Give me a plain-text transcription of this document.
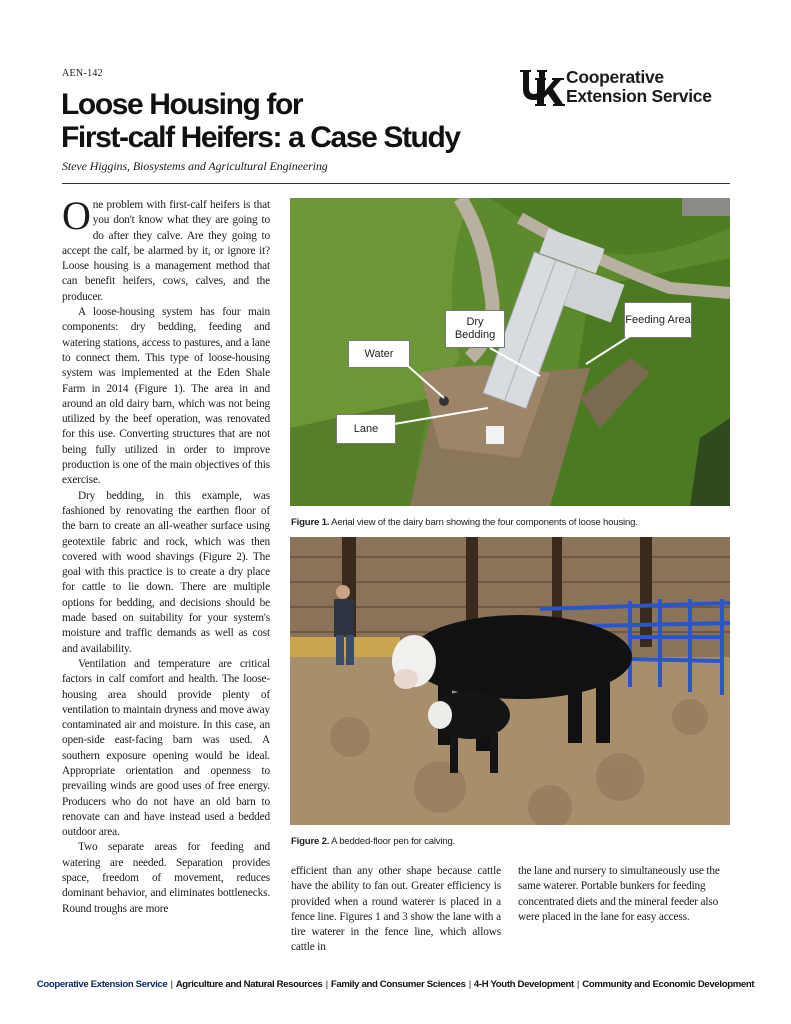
AEN-142	Cooperative
Extension Service
Loose Housing for
First-calf Heifers: a Case Study
Steve Higgins, Biosystems and Agricultural Engineering

One problem with first-calf heifers is that you don't know what they are going to do after they calve. Are they going to accept the calf, be alarmed by it, or ignore it? Loose housing is a management method that can benefit heifers, cows, calves, and the producer.

A loose-housing system has four main components: dry bedding, feeding and watering stations, access to pastures, and a lane to connect them. This type of loose-housing system was implemented at the Eden Shale Farm in 2014 (Figure 1). The area in and around an old dairy barn, which was not being utilized by the beef operation, was renovated for this use. Converting structures that are not being fully utilized in order to improve production is one of the main objectives of this exercise.

Dry bedding, in this example, was fashioned by renovating the earthen floor of the barn to create an all-weather surface using geotextile fabric and rock, which was then covered with wood shavings (Figure 2). The goal with this practice is to create a dry place for cattle to lie down. There are multiple options for bedding, and decisions should be made based on suitability for your system's moisture and traffic demands as well as cost and availability.

Ventilation and temperature are critical factors in calf comfort and health. The loose-housing area should provide plenty of ventilation to maintain dryness and move away contaminated air and moisture. In this case, an open-side east-facing barn was used. A southern exposure opening would be ideal. Appropriate orientation and openness to prevailing winds are good uses of free energy. Producers who do not have an old barn to renovate can and have instead used a bedded outdoor area.

Two separate areas for feeding and watering are needed. Separation provides space, freedom of movement, reduces dominant behavior, and eliminates bottlenecks. Round troughs are more

Dry Bedding
Feeding Area
Water
Lane
Figure 1. Aerial view of the dairy barn showing the four components of loose housing.
Figure 2. A bedded-floor pen for calving.

efficient than any other shape because cattle have the ability to fan out. Greater efficiency is provided when a round waterer is placed in a fence line. Figures 1 and 3 show the lane with a tire waterer in the fence line, which allows cattle in

the lane and nursery to simultaneously use the same waterer. Portable bunkers for feeding concentrated diets and the mineral feeder also were placed in the lane for easy access.

Cooperative Extension Service | Agriculture and Natural Resources | Family and Consumer Sciences | 4-H Youth Development | Community and Economic Development
